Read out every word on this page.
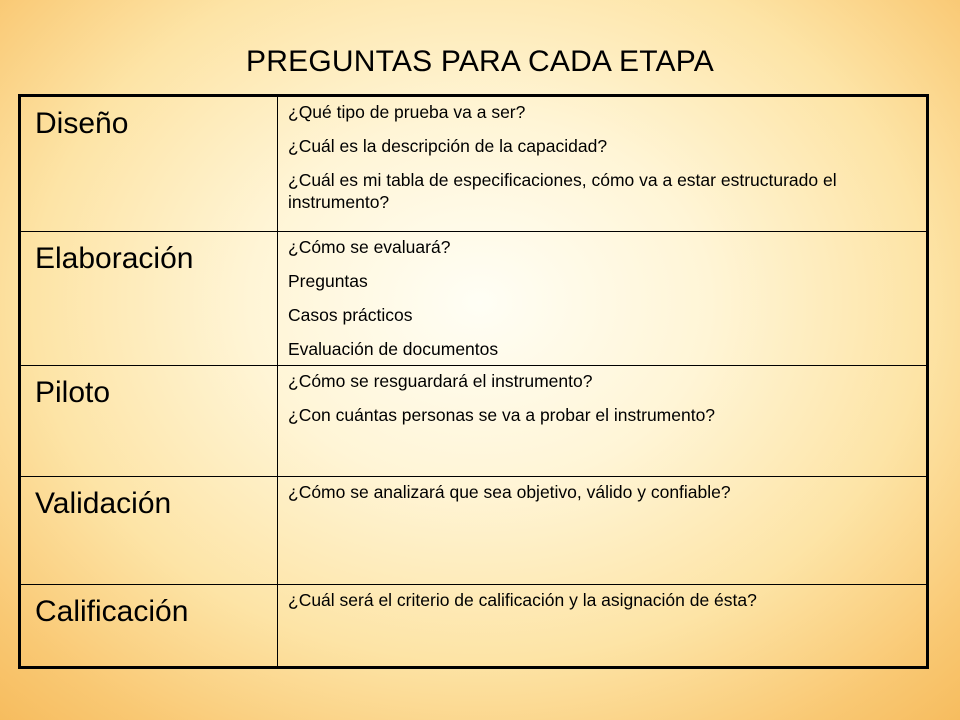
PREGUNTAS PARA CADA ETAPA
Diseño	¿Qué tipo de prueba va a ser?
¿Cuál es la descripción de la capacidad?
¿Cuál es mi tabla de especificaciones, cómo va a estar estructurado el instrumento?

Elaboración	¿Cómo se evaluará?
Preguntas
Casos prácticos
Evaluación de documentos

Piloto	¿Cómo se resguardará el instrumento?
¿Con cuántas personas se va a probar el instrumento?

Validación	¿Cómo se analizará que sea objetivo, válido y confiable?

Calificación	¿Cuál será el criterio de calificación y la asignación de ésta?
